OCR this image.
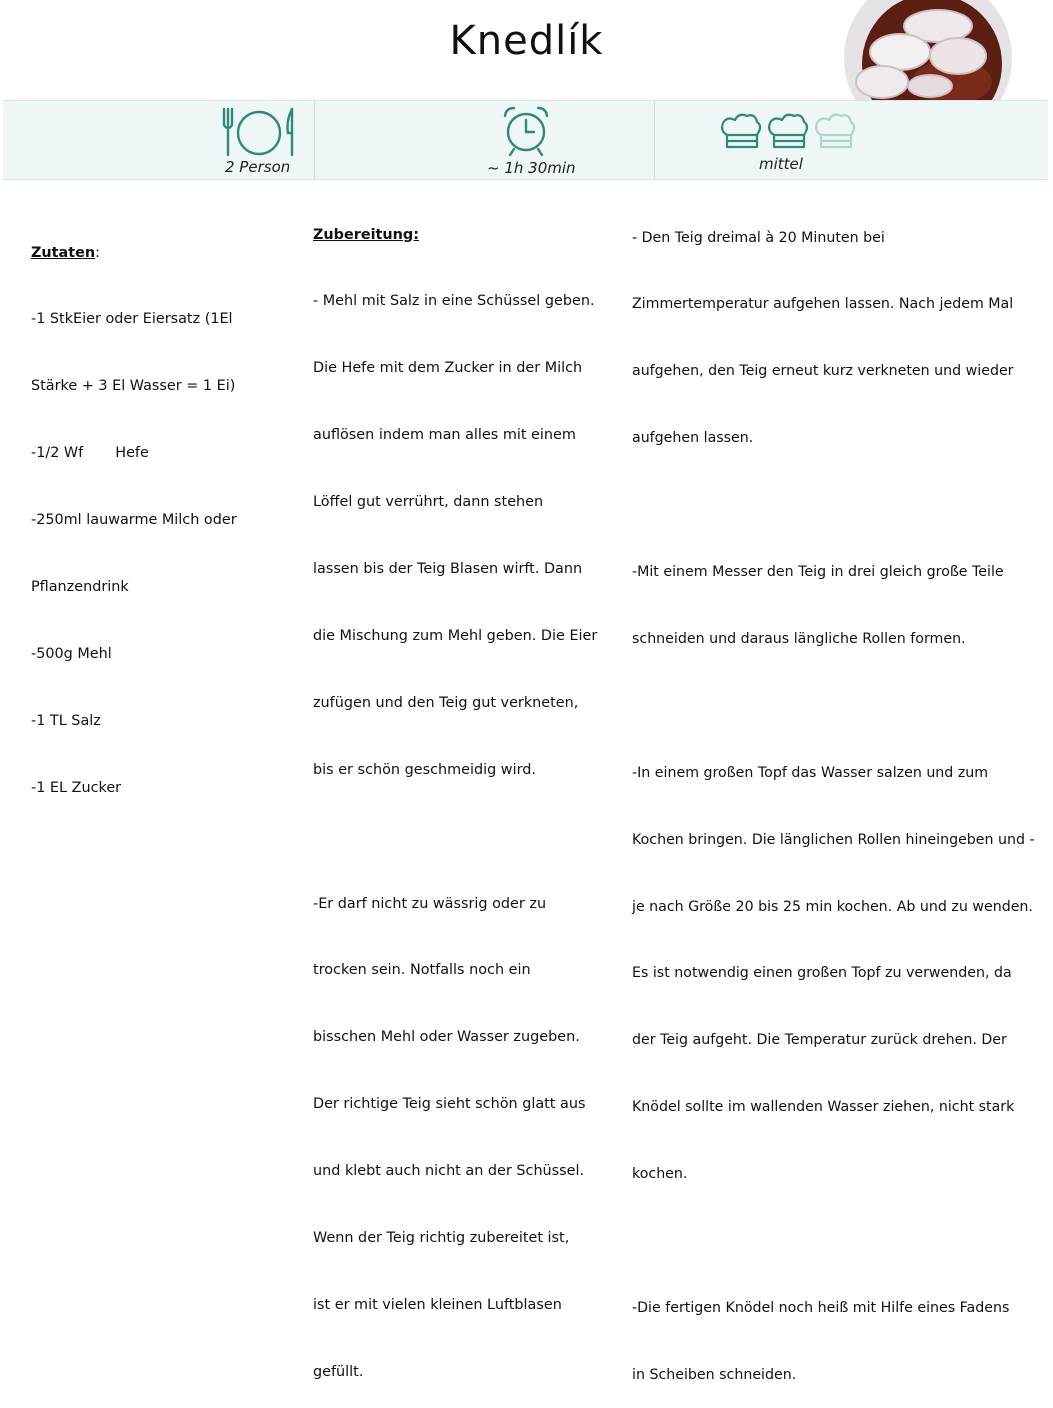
Knedlík
2 Person	~ 1h 30min	mittel

Zutaten:

-1 StkEier oder Eiersatz (1El

Stärke + 3 El Wasser = 1 Ei)

-1/2 Wf       Hefe

-250ml lauwarme Milch oder

Pflanzendrink

-500g Mehl

-1 TL Salz

-1 EL Zucker

Zubereitung:

- Mehl mit Salz in eine Schüssel geben.

Die Hefe mit dem Zucker in der Milch

auflösen indem man alles mit einem

Löffel gut verrührt, dann stehen

lassen bis der Teig Blasen wirft. Dann

die Mischung zum Mehl geben. Die Eier

zufügen und den Teig gut verkneten,

bis er schön geschmeidig wird.

-Er darf nicht zu wässrig oder zu

trocken sein. Notfalls noch ein

bisschen Mehl oder Wasser zugeben.

Der richtige Teig sieht schön glatt aus

und klebt auch nicht an der Schüssel.

Wenn der Teig richtig zubereitet ist,

ist er mit vielen kleinen Luftblasen

gefüllt.

- Den Teig dreimal à 20 Minuten bei

Zimmertemperatur aufgehen lassen. Nach jedem Mal

aufgehen, den Teig erneut kurz verkneten und wieder

aufgehen lassen.

-Mit einem Messer den Teig in drei gleich große Teile

schneiden und daraus längliche Rollen formen.

-In einem großen Topf das Wasser salzen und zum

Kochen bringen. Die länglichen Rollen hineingeben und -

je nach Größe 20 bis 25 min kochen. Ab und zu wenden.

Es ist notwendig einen großen Topf zu verwenden, da

der Teig aufgeht. Die Temperatur zurück drehen. Der

Knödel sollte im wallenden Wasser ziehen, nicht stark

kochen.

-Die fertigen Knödel noch heiß mit Hilfe eines Fadens

in Scheiben schneiden.
